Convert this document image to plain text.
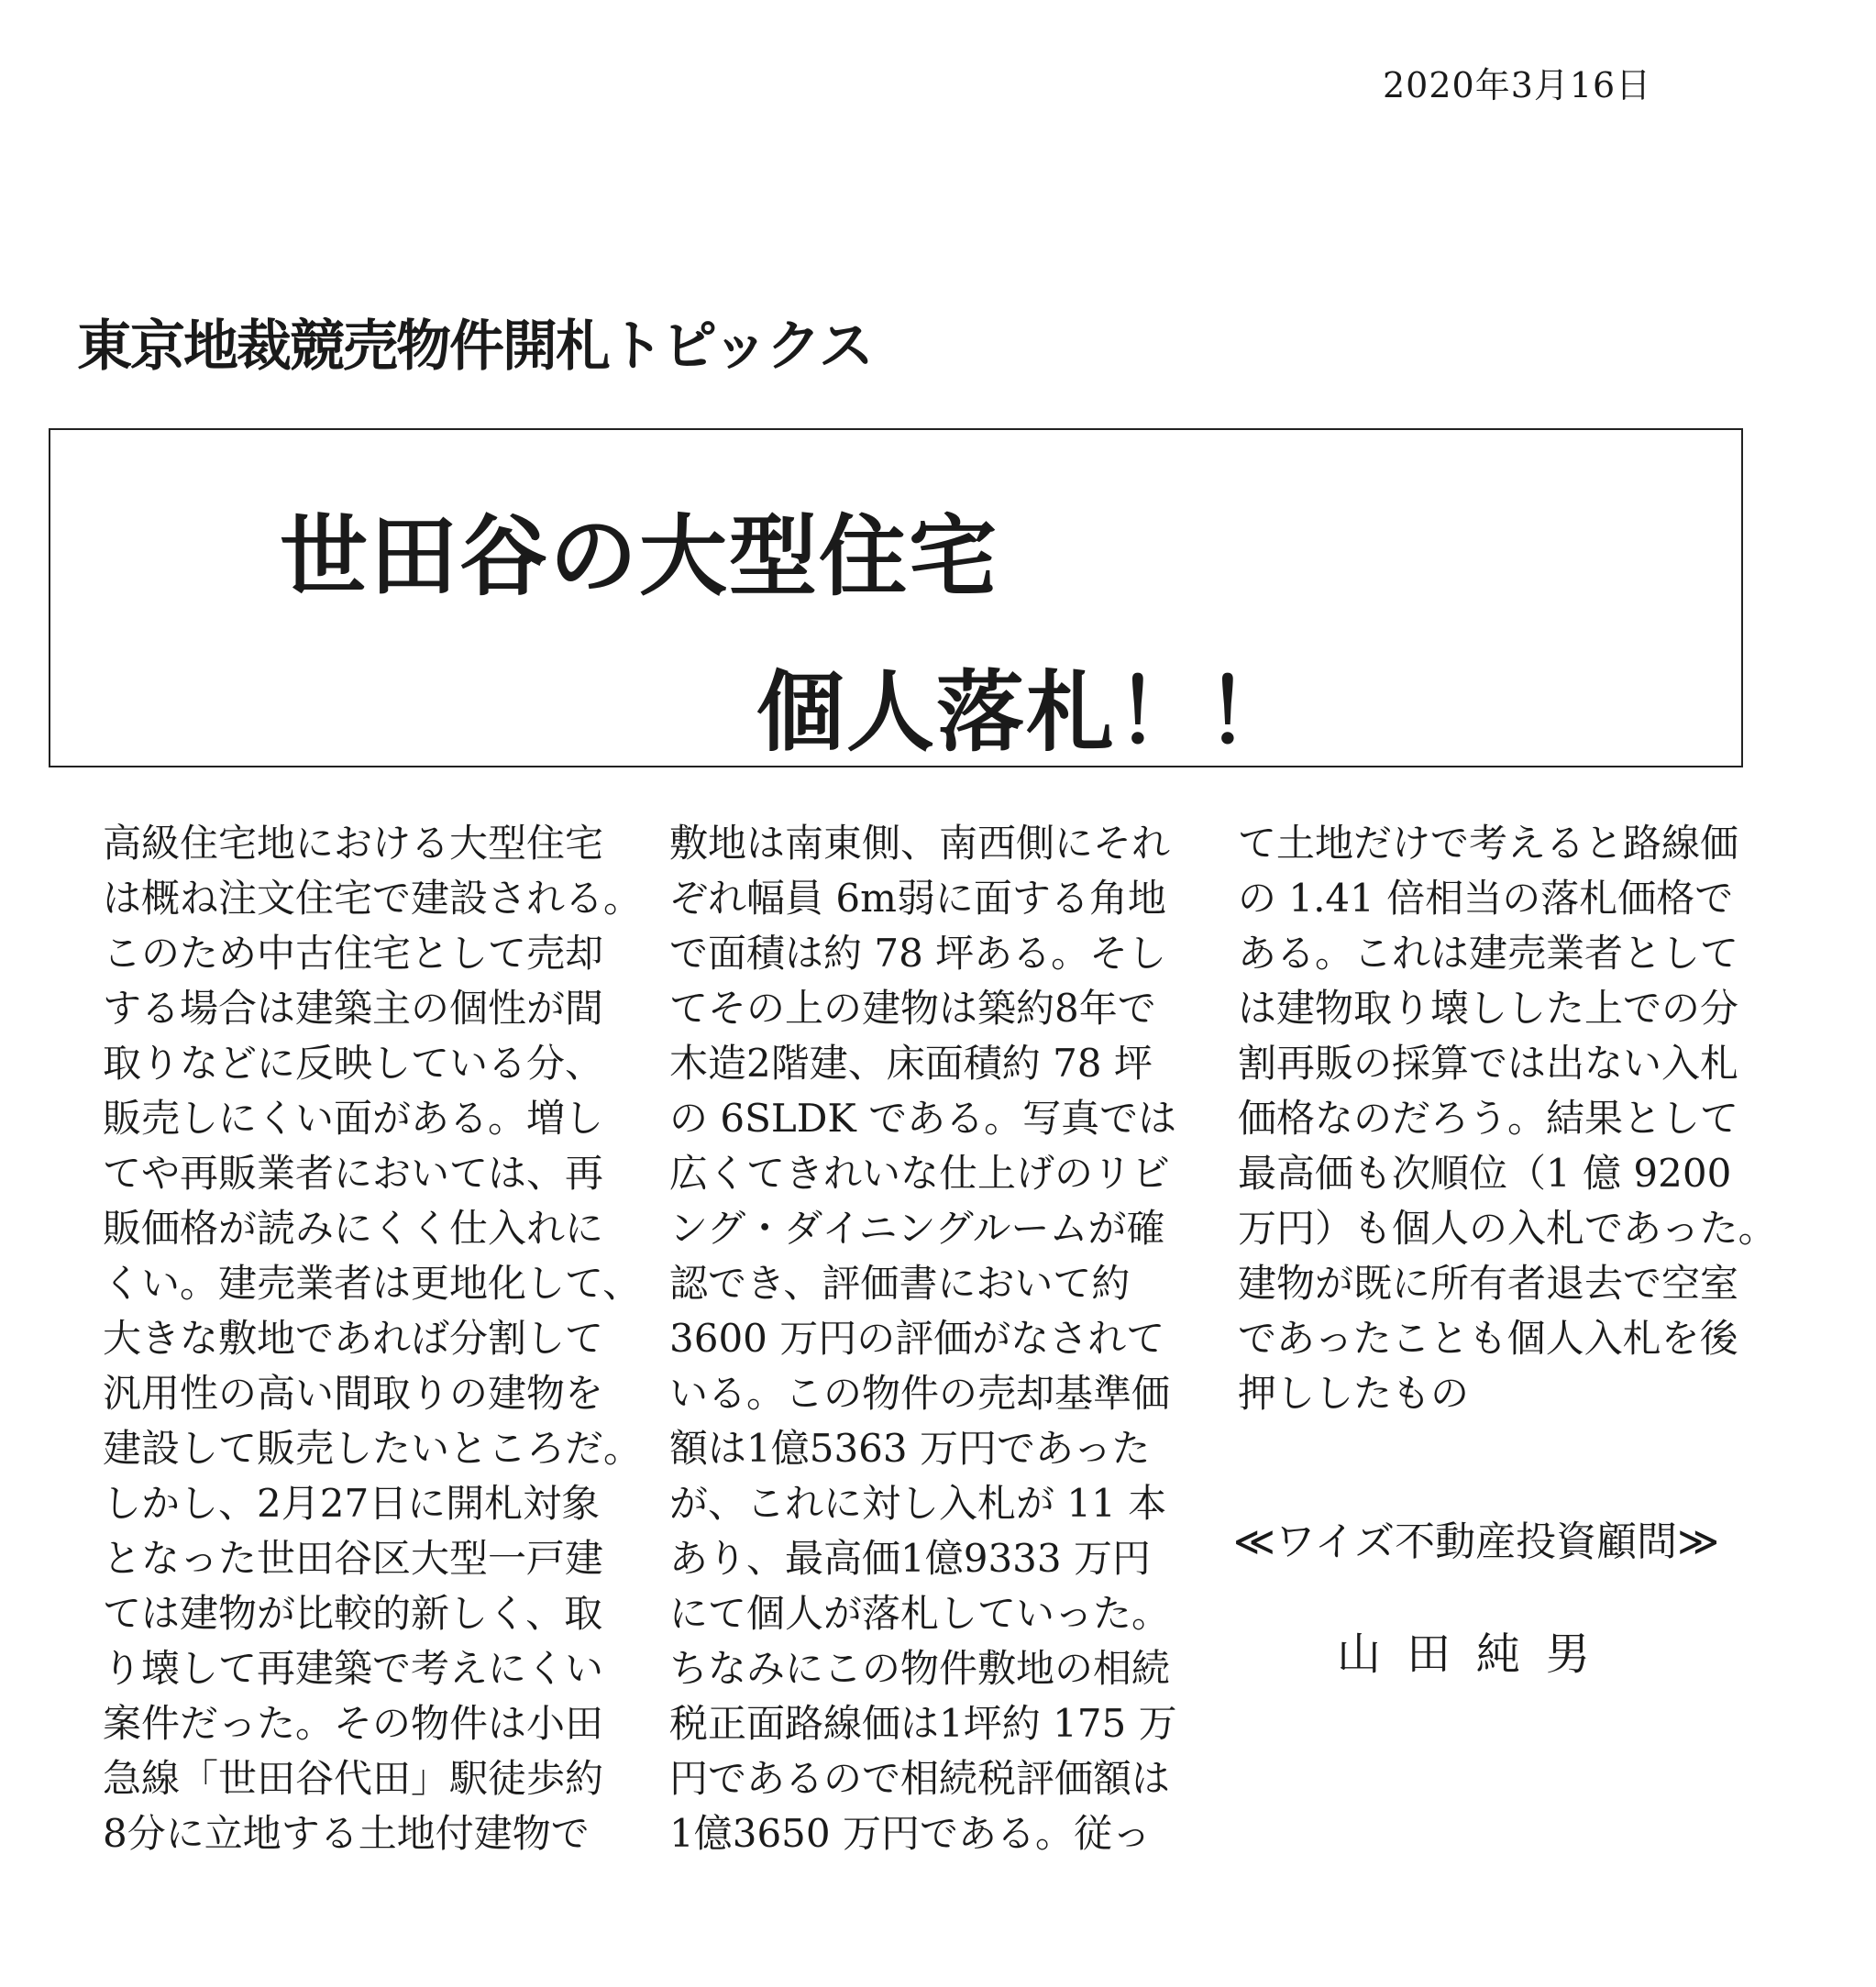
2020年3月16日
東京地裁競売物件開札トピックス
世田谷の大型住宅
個人落札！！

高級住宅地における大型住宅

は概ね注文住宅で建設される。

このため中古住宅として売却

する場合は建築主の個性が間

取りなどに反映している分、

販売しにくい面がある。増し

てや再販業者においては、再

販価格が読みにくく仕入れに

くい。建売業者は更地化して、

大きな敷地であれば分割して

汎用性の高い間取りの建物を

建設して販売したいところだ。

しかし、2月27日に開札対象

となった世田谷区大型一戸建

ては建物が比較的新しく、取

り壊して再建築で考えにくい

案件だった。その物件は小田

急線「世田谷代田」駅徒歩約

8分に立地する土地付建物で

敷地は南東側、南西側にそれ

ぞれ幅員 6m弱に面する角地

で面積は約 78 坪ある。そし

てその上の建物は築約8年で

木造2階建、床面積約 78 坪

の 6SLDK である。写真では

広くてきれいな仕上げのリビ

ング・ダイニングルームが確

認でき、評価書において約

3600 万円の評価がなされて

いる。この物件の売却基準価

額は1億5363 万円であった

が、これに対し入札が 11 本

あり、最高価1億9333 万円

にて個人が落札していった。

ちなみにこの物件敷地の相続

税正面路線価は1坪約 175 万

円であるので相続税評価額は

1億3650 万円である。従っ

て土地だけで考えると路線価

の 1.41 倍相当の落札価格で

ある。これは建売業者として

は建物取り壊しした上での分

割再販の採算では出ない入札

価格なのだろう。結果として

最高価も次順位（1 億 9200

万円）も個人の入札であった。

建物が既に所有者退去で空室

であったことも個人入札を後

押ししたもの

≪ワイズ不動産投資顧問≫
山田純男
